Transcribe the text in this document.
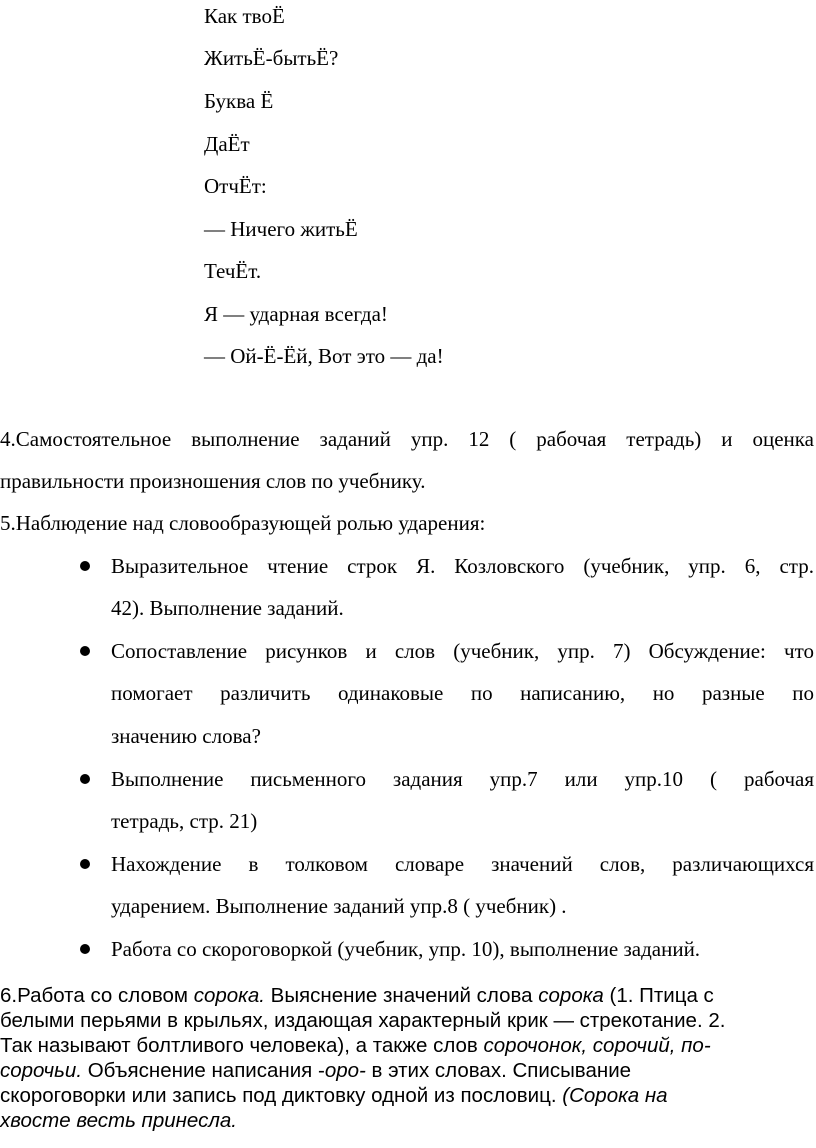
Как твоЁ
ЖитьЁ-бытьЁ?
Буква Ё
ДаЁт
ОтчЁт:
— Ничего житьЁ
ТечЁт.
Я — ударная всегда!
— Ой-Ё-Ёй, Вот это — да!
4.Самостоятельное выполнение заданий упр. 12 ( рабочая тетрадь) и оценка
правильности произношения слов по учебнику.
5.Наблюдение над словообразующей ролью ударения:
Выразительное чтение строк Я. Козловского (учебник, упр. 6, стр.
42). Выполнение заданий.
Сопоставление рисунков и слов (учебник, упр. 7) Обсуждение: что
помогает различить одинаковые по написанию, но разные по
значению слова?
Выполнение письменного задания упр.7 или упр.10 ( рабочая
тетрадь, стр. 21)
Нахождение в толковом словаре значений слов, различающихся
ударением. Выполнение заданий упр.8 ( учебник) .
Работа со скороговоркой (учебник, упр. 10), выполнение заданий.
6.Работа со словом сорока. Выяснение значений слова сорока (1. Птица с
белыми перьями в крыльях, издающая характерный крик — стрекотание. 2.
Так называют болтливого человека), а также слов сорочонок, сорочий, по-
сорочьи. Объяснение написания -оро- в этих словах. Списывание
скороговорки или запись под диктовку одной из пословиц. (Сорока на
хвосте весть принесла.
